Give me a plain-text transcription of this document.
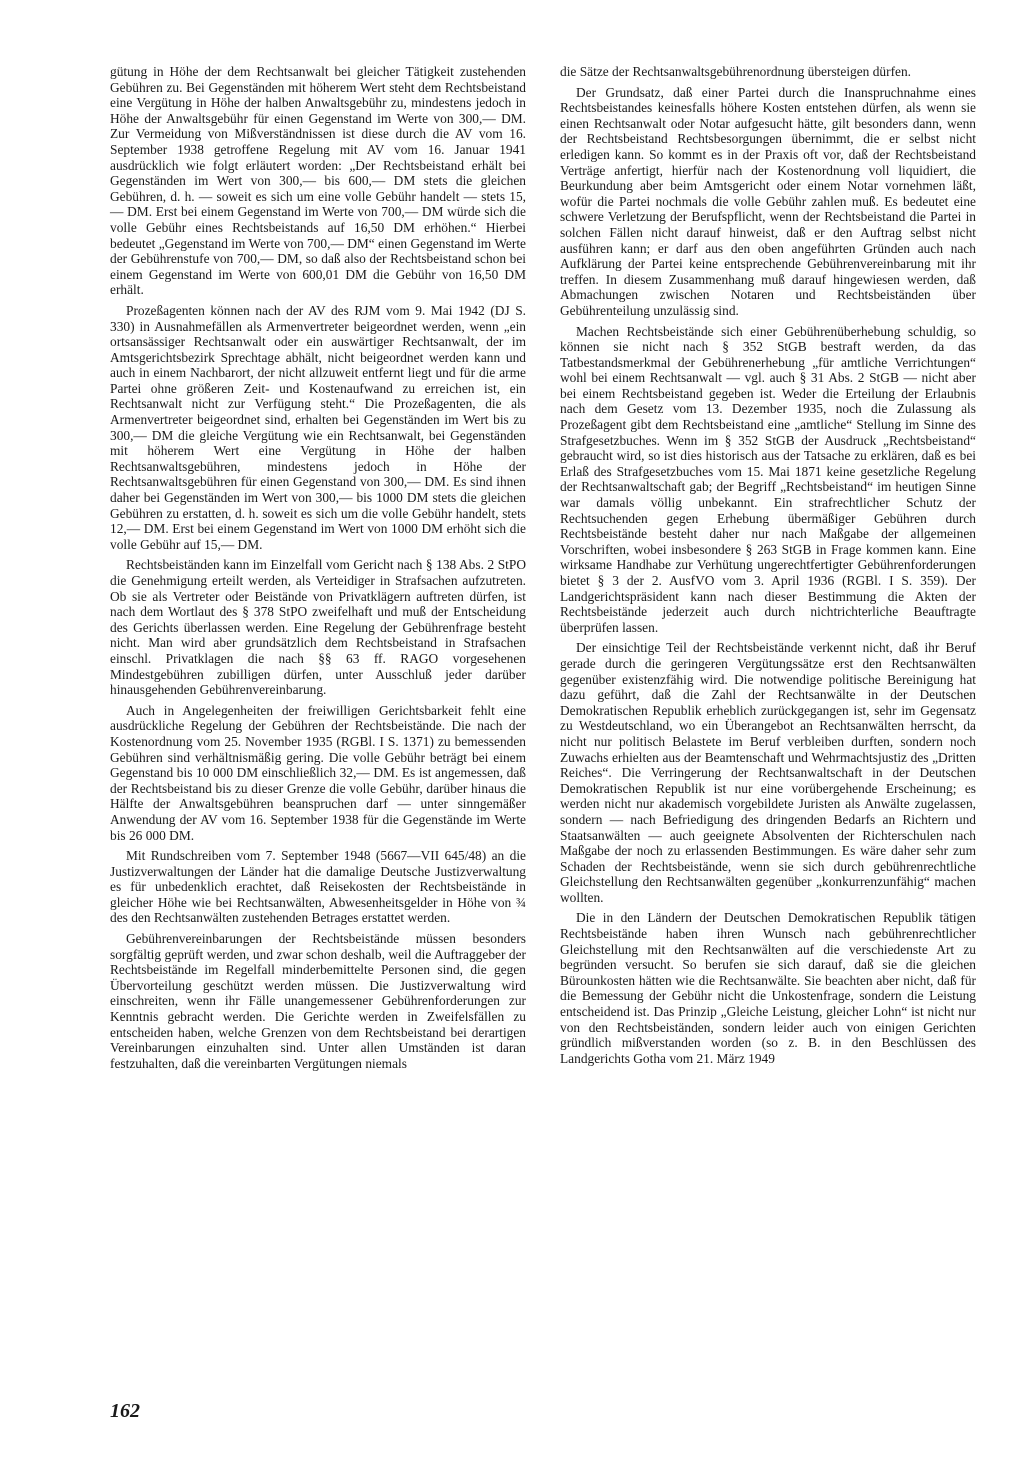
gütung in Höhe der dem Rechtsanwalt bei gleicher Tätigkeit zustehenden Gebühren zu. Bei Gegenständen mit höherem Wert steht dem Rechtsbeistand eine Vergütung in Höhe der halben Anwaltsgebühr zu, mindestens jedoch in Höhe der Anwaltsgebühr für einen Gegenstand im Werte von 300,— DM. Zur Vermeidung von Mißverständnissen ist diese durch die AV vom 16. September 1938 getroffene Regelung mit AV vom 16. Januar 1941 ausdrücklich wie folgt erläutert worden: „Der Rechtsbeistand erhält bei Gegenständen im Wert von 300,— bis 600,— DM stets die gleichen Gebühren, d. h. — soweit es sich um eine volle Gebühr handelt — stets 15,— DM. Erst bei einem Gegenstand im Werte von 700,— DM würde sich die volle Gebühr eines Rechtsbeistands auf 16,50 DM erhöhen.“ Hierbei bedeutet „Gegenstand im Werte von 700,— DM“ einen Gegenstand im Werte der Gebührenstufe von 700,— DM, so daß also der Rechtsbeistand schon bei einem Gegenstand im Werte von 600,01 DM die Gebühr von 16,50 DM erhält.

Prozeßagenten können nach der AV des RJM vom 9. Mai 1942 (DJ S. 330) in Ausnahmefällen als Armenvertreter beigeordnet werden, wenn „ein ortsansässiger Rechtsanwalt oder ein auswärtiger Rechtsanwalt, der im Amtsgerichtsbezirk Sprechtage abhält, nicht beigeordnet werden kann und auch in einem Nachbarort, der nicht allzuweit entfernt liegt und für die arme Partei ohne größeren Zeit- und Kostenaufwand zu erreichen ist, ein Rechtsanwalt nicht zur Verfügung steht.“ Die Prozeßagenten, die als Armenvertreter beigeordnet sind, erhalten bei Gegenständen im Wert bis zu 300,— DM die gleiche Vergütung wie ein Rechtsanwalt, bei Gegenständen mit höherem Wert eine Vergütung in Höhe der halben Rechtsanwaltsgebühren, mindestens jedoch in Höhe der Rechtsanwaltsgebühren für einen Gegenstand von 300,— DM. Es sind ihnen daher bei Gegenständen im Wert von 300,— bis 1000 DM stets die gleichen Gebühren zu erstatten, d. h. soweit es sich um die volle Gebühr handelt, stets 12,— DM. Erst bei einem Gegenstand im Wert von 1000 DM erhöht sich die volle Gebühr auf 15,— DM.

Rechtsbeiständen kann im Einzelfall vom Gericht nach § 138 Abs. 2 StPO die Genehmigung erteilt werden, als Verteidiger in Strafsachen aufzutreten. Ob sie als Vertreter oder Beistände von Privatklägern auftreten dürfen, ist nach dem Wortlaut des § 378 StPO zweifelhaft und muß der Entscheidung des Gerichts überlassen werden. Eine Regelung der Gebührenfrage besteht nicht. Man wird aber grundsätzlich dem Rechtsbeistand in Strafsachen einschl. Privatklagen die nach §§ 63 ff. RAGO vorgesehenen Mindestgebühren zubilligen dürfen, unter Ausschluß jeder darüber hinausgehenden Gebührenvereinbarung.

Auch in Angelegenheiten der freiwilligen Gerichtsbarkeit fehlt eine ausdrückliche Regelung der Gebühren der Rechtsbeistände. Die nach der Kostenordnung vom 25. November 1935 (RGBl. I S. 1371) zu bemessenden Gebühren sind verhältnismäßig gering. Die volle Gebühr beträgt bei einem Gegenstand bis 10 000 DM einschließlich 32,— DM. Es ist angemessen, daß der Rechtsbeistand bis zu dieser Grenze die volle Gebühr, darüber hinaus die Hälfte der Anwaltsgebühren beanspruchen darf — unter sinngemäßer Anwendung der AV vom 16. September 1938 für die Gegenstände im Werte bis 26 000 DM.

Mit Rundschreiben vom 7. September 1948 (5667—VII 645/48) an die Justizverwaltungen der Länder hat die damalige Deutsche Justizverwaltung es für unbedenklich erachtet, daß Reisekosten der Rechtsbeistände in gleicher Höhe wie bei Rechtsanwälten, Abwesenheitsgelder in Höhe von ¾ des den Rechtsanwälten zustehenden Betrages erstattet werden.

Gebührenvereinbarungen der Rechtsbeistände müssen besonders sorgfältig geprüft werden, und zwar schon deshalb, weil die Auftraggeber der Rechtsbeistände im Regelfall minderbemittelte Personen sind, die gegen Übervorteilung geschützt werden müssen. Die Justizverwaltung wird einschreiten, wenn ihr Fälle unangemessener Gebührenforderungen zur Kenntnis gebracht werden. Die Gerichte werden in Zweifelsfällen zu entscheiden haben, welche Grenzen von dem Rechtsbeistand bei derartigen Vereinbarungen einzuhalten sind. Unter allen Umständen ist daran festzuhalten, daß die vereinbarten Vergütungen niemals

die Sätze der Rechtsanwaltsgebührenordnung übersteigen dürfen.

Der Grundsatz, daß einer Partei durch die Inanspruchnahme eines Rechtsbeistandes keinesfalls höhere Kosten entstehen dürfen, als wenn sie einen Rechtsanwalt oder Notar aufgesucht hätte, gilt besonders dann, wenn der Rechtsbeistand Rechtsbesorgungen übernimmt, die er selbst nicht erledigen kann. So kommt es in der Praxis oft vor, daß der Rechtsbeistand Verträge anfertigt, hierfür nach der Kostenordnung voll liquidiert, die Beurkundung aber beim Amtsgericht oder einem Notar vornehmen läßt, wofür die Partei nochmals die volle Gebühr zahlen muß. Es bedeutet eine schwere Verletzung der Berufspflicht, wenn der Rechtsbeistand die Partei in solchen Fällen nicht darauf hinweist, daß er den Auftrag selbst nicht ausführen kann; er darf aus den oben angeführten Gründen auch nach Aufklärung der Partei keine entsprechende Gebührenvereinbarung mit ihr treffen. In diesem Zusammenhang muß darauf hingewiesen werden, daß Abmachungen zwischen Notaren und Rechtsbeiständen über Gebührenteilung unzulässig sind.

Machen Rechtsbeistände sich einer Gebührenüberhebung schuldig, so können sie nicht nach § 352 StGB bestraft werden, da das Tatbestandsmerkmal der Gebührenerhebung „für amtliche Verrichtungen“ wohl bei einem Rechtsanwalt — vgl. auch § 31 Abs. 2 StGB — nicht aber bei einem Rechtsbeistand gegeben ist. Weder die Erteilung der Erlaubnis nach dem Gesetz vom 13. Dezember 1935, noch die Zulassung als Prozeßagent gibt dem Rechtsbeistand eine „amtliche“ Stellung im Sinne des Strafgesetzbuches. Wenn im § 352 StGB der Ausdruck „Rechtsbeistand“ gebraucht wird, so ist dies historisch aus der Tatsache zu erklären, daß es bei Erlaß des Strafgesetzbuches vom 15. Mai 1871 keine gesetzliche Regelung der Rechtsanwaltschaft gab; der Begriff „Rechtsbeistand“ im heutigen Sinne war damals völlig unbekannt. Ein strafrechtlicher Schutz der Rechtsuchenden gegen Erhebung übermäßiger Gebühren durch Rechtsbeistände besteht daher nur nach Maßgabe der allgemeinen Vorschriften, wobei insbesondere § 263 StGB in Frage kommen kann. Eine wirksame Handhabe zur Verhütung ungerechtfertigter Gebührenforderungen bietet § 3 der 2. AusfVO vom 3. April 1936 (RGBl. I S. 359). Der Landgerichtspräsident kann nach dieser Bestimmung die Akten der Rechtsbeistände jederzeit auch durch nichtrichterliche Beauftragte überprüfen lassen.

Der einsichtige Teil der Rechtsbeistände verkennt nicht, daß ihr Beruf gerade durch die geringeren Vergütungssätze erst den Rechtsanwälten gegenüber existenzfähig wird. Die notwendige politische Bereinigung hat dazu geführt, daß die Zahl der Rechtsanwälte in der Deutschen Demokratischen Republik erheblich zurückgegangen ist, sehr im Gegensatz zu Westdeutschland, wo ein Überangebot an Rechtsanwälten herrscht, da nicht nur politisch Belastete im Beruf verbleiben durften, sondern noch Zuwachs erhielten aus der Beamtenschaft und Wehrmachtsjustiz des „Dritten Reiches“. Die Verringerung der Rechtsanwaltschaft in der Deutschen Demokratischen Republik ist nur eine vorübergehende Erscheinung; es werden nicht nur akademisch vorgebildete Juristen als Anwälte zugelassen, sondern — nach Befriedigung des dringenden Bedarfs an Richtern und Staatsanwälten — auch geeignete Absolventen der Richterschulen nach Maßgabe der noch zu erlassenden Bestimmungen. Es wäre daher sehr zum Schaden der Rechtsbeistände, wenn sie sich durch gebührenrechtliche Gleichstellung den Rechtsanwälten gegenüber „konkurrenzunfähig“ machen wollten.

Die in den Ländern der Deutschen Demokratischen Republik tätigen Rechtsbeistände haben ihren Wunsch nach gebührenrechtlicher Gleichstellung mit den Rechtsanwälten auf die verschiedenste Art zu begründen versucht. So berufen sie sich darauf, daß sie die gleichen Bürounkosten hätten wie die Rechtsanwälte. Sie beachten aber nicht, daß für die Bemessung der Gebühr nicht die Unkostenfrage, sondern die Leistung entscheidend ist. Das Prinzip „Gleiche Leistung, gleicher Lohn“ ist nicht nur von den Rechtsbeiständen, sondern leider auch von einigen Gerichten gründlich mißverstanden worden (so z. B. in den Beschlüssen des Landgerichts Gotha vom 21. März 1949

162
